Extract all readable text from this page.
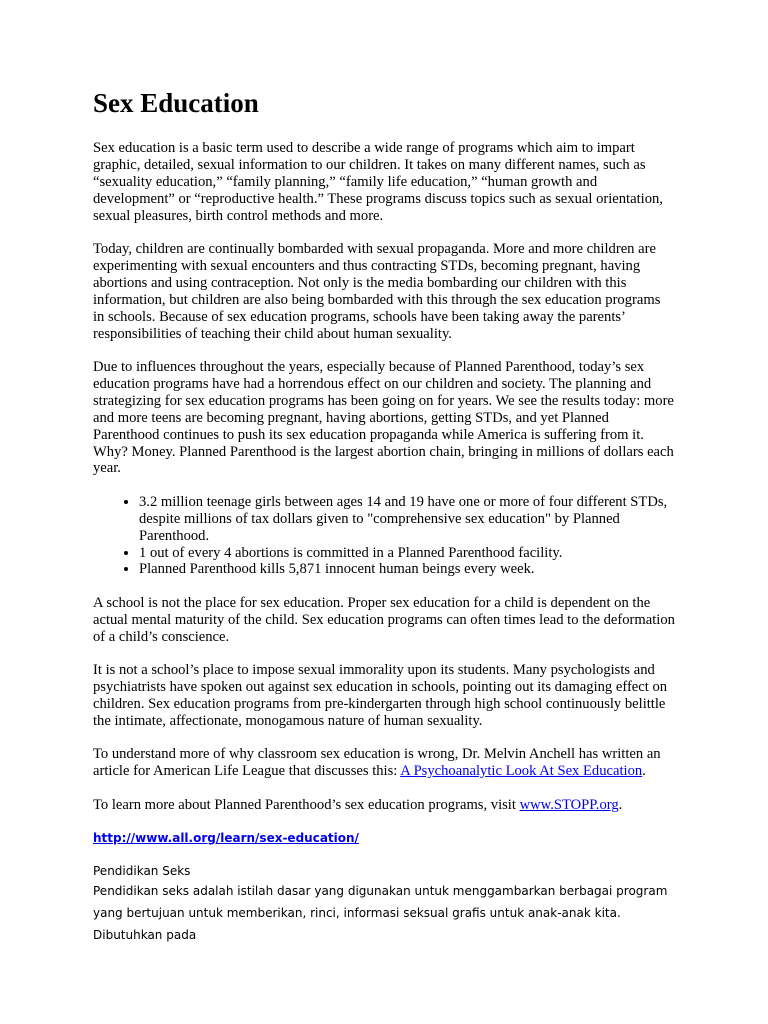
Sex Education

Sex education is a basic term used to describe a wide range of programs which aim to impart graphic, detailed, sexual information to our children. It takes on many different names, such as “sexuality education,” “family planning,” “family life education,” “human growth and development” or “reproductive health.” These programs discuss topics such as sexual orientation, sexual pleasures, birth control methods and more.

Today, children are continually bombarded with sexual propaganda. More and more children are experimenting with sexual encounters and thus contracting STDs, becoming pregnant, having abortions and using contraception. Not only is the media bombarding our children with this information, but children are also being bombarded with this through the sex education programs in schools. Because of sex education programs, schools have been taking away the parents’ responsibilities of teaching their child about human sexuality.

Due to influences throughout the years, especially because of Planned Parenthood, today’s sex education programs have had a horrendous effect on our children and society. The planning and strategizing for sex education programs has been going on for years. We see the results today: more and more teens are becoming pregnant, having abortions, getting STDs, and yet Planned Parenthood continues to push its sex education propaganda while America is suffering from it. Why? Money. Planned Parenthood is the largest abortion chain, bringing in millions of dollars each year.

• 3.2 million teenage girls between ages 14 and 19 have one or more of four different STDs, despite millions of tax dollars given to "comprehensive sex education" by Planned Parenthood.
• 1 out of every 4 abortions is committed in a Planned Parenthood facility.
• Planned Parenthood kills 5,871 innocent human beings every week.

A school is not the place for sex education. Proper sex education for a child is dependent on the actual mental maturity of the child. Sex education programs can often times lead to the deformation of a child’s conscience.

It is not a school’s place to impose sexual immorality upon its students. Many psychologists and psychiatrists have spoken out against sex education in schools, pointing out its damaging effect on children. Sex education programs from pre-kindergarten through high school continuously belittle the intimate, affectionate, monogamous nature of human sexuality.

To understand more of why classroom sex education is wrong, Dr. Melvin Anchell has written an article for American Life League that discusses this: A Psychoanalytic Look At Sex Education.

To learn more about Planned Parenthood’s sex education programs, visit www.STOPP.org.

http://www.all.org/learn/sex-education/

Pendidikan Seks

Pendidikan seks adalah istilah dasar yang digunakan untuk menggambarkan berbagai program yang bertujuan untuk memberikan, rinci, informasi seksual grafis untuk anak-anak kita. Dibutuhkan pada
